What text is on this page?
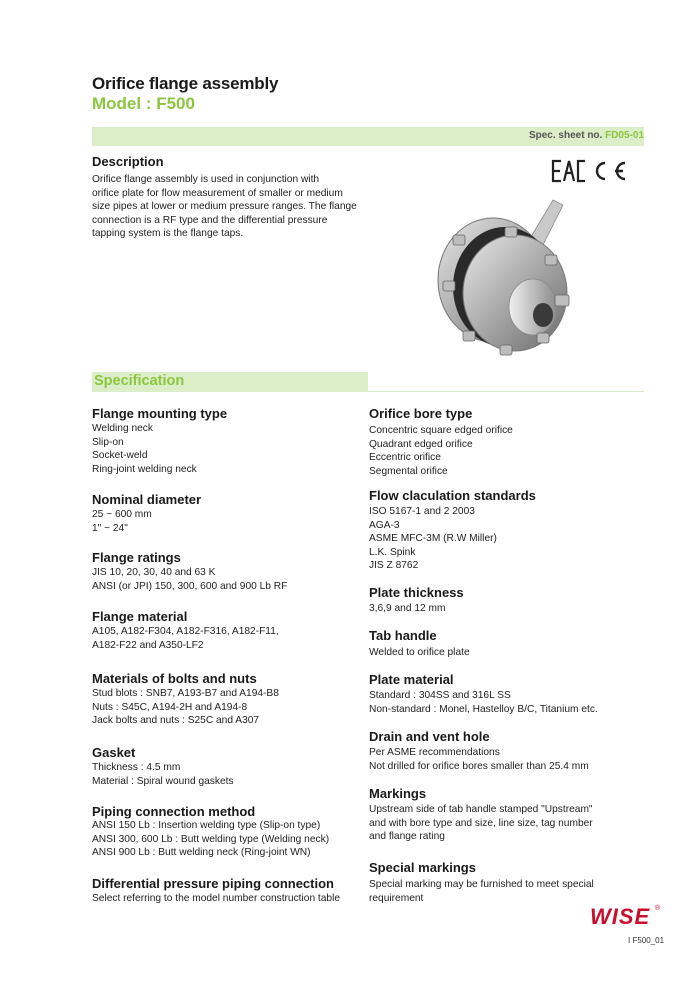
Orifice flange assembly
Model : F500
Spec. sheet no. FD05-01
Description
Orifice flange assembly is used in conjunction with
orifice plate for flow measurement of smaller or medium
size pipes at lower or medium pressure ranges. The flange
connection is a RF type and the differential pressure
tapping system is the flange taps.
Specification
Flange mounting type
Welding neck
Slip-on
Socket-weld
Ring-joint welding neck
Nominal diameter
25 ~ 600 mm
1" ~ 24"
Flange ratings
JIS 10, 20, 30, 40 and 63 K
ANSI (or JPI) 150, 300, 600 and 900 Lb RF
Flange material
A105, A182-F304, A182-F316, A182-F11,
A182-F22 and A350-LF2
Materials of bolts and nuts
Stud blots : SNB7, A193-B7 and A194-B8
Nuts : S45C, A194-2H and A194-8
Jack bolts and nuts : S25C and A307
Gasket
Thickness : 4.5 mm
Material : Spiral wound gaskets
Piping connection method
ANSI 150 Lb : Insertion welding type (Slip-on type)
ANSI 300, 600 Lb : Butt welding type (Welding neck)
ANSI 900 Lb : Butt welding neck (Ring-joint WN)
Differential pressure piping connection
Select referring to the model number construction table
Orifice bore type
Concentric square edged orifice
Quadrant edged orifice
Eccentric orifice
Segmental orifice
Flow claculation standards
ISO 5167-1 and 2 2003
AGA-3
ASME MFC-3M (R.W Miller)
L.K. Spink
JIS Z 8762
Plate thickness
3,6,9 and 12 mm
Tab handle
Welded to orifice plate
Plate material
Standard : 304SS and 316L SS
Non-standard : Monel, Hastelloy B/C, Titanium etc.
Drain and vent hole
Per ASME recommendations
Not drilled for orifice bores smaller than 25.4 mm
Markings
Upstream side of tab handle stamped "Upstream"
and with bore type and size, line size, tag number
and flange rating
Special markings
Special marking may be furnished to meet special
requirement
WISE ®
I F500_01
